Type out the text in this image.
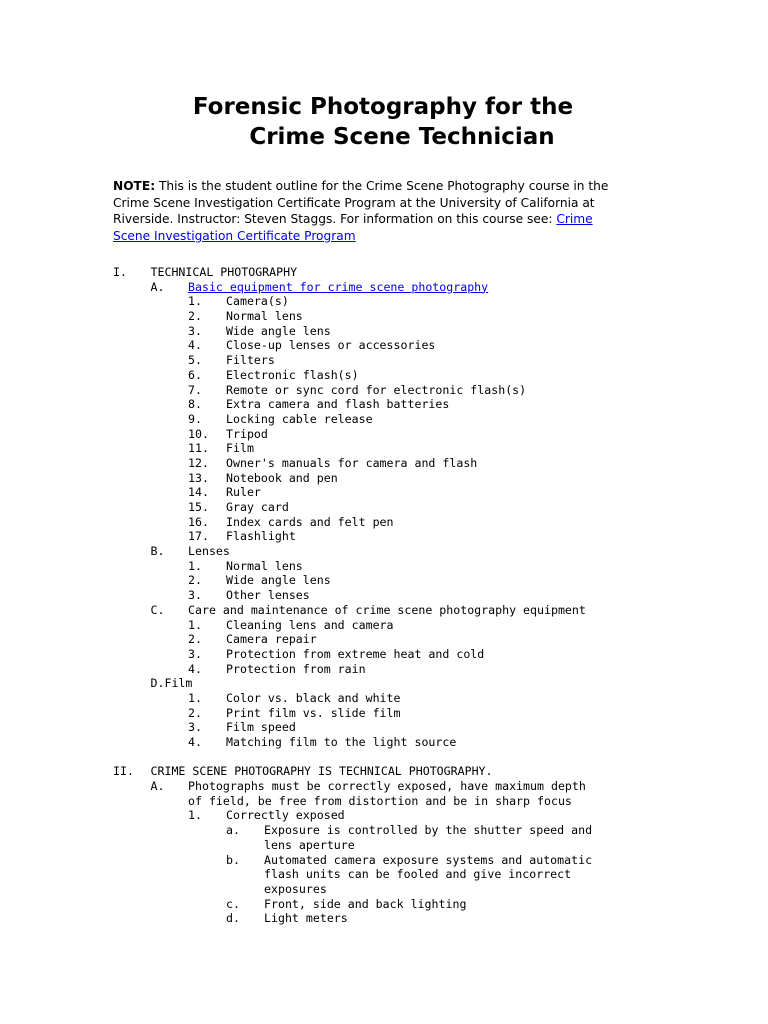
Forensic Photography for the
Crime Scene Technician

NOTE: This is the student outline for the Crime Scene Photography course in the Crime Scene Investigation Certificate Program at the University of California at Riverside. Instructor: Steven Staggs. For information on this course see: Crime Scene Investigation Certificate Program

I. TECHNICAL PHOTOGRAPHY
A. Basic equipment for crime scene photography
1. Camera(s)
2. Normal lens
3. Wide angle lens
4. Close-up lenses or accessories
5. Filters
6. Electronic flash(s)
7. Remote or sync cord for electronic flash(s)
8. Extra camera and flash batteries
9. Locking cable release
10. Tripod
11. Film
12. Owner's manuals for camera and flash
13. Notebook and pen
14. Ruler
15. Gray card
16. Index cards and felt pen
17. Flashlight
B. Lenses
1. Normal lens
2. Wide angle lens
3. Other lenses
C. Care and maintenance of crime scene photography equipment
1. Cleaning lens and camera
2. Camera repair
3. Protection from extreme heat and cold
4. Protection from rain
D.Film
1. Color vs. black and white
2. Print film vs. slide film
3. Film speed
4. Matching film to the light source
II. CRIME SCENE PHOTOGRAPHY IS TECHNICAL PHOTOGRAPHY.
A. Photographs must be correctly exposed, have maximum depth
of field, be free from distortion and be in sharp focus
1. Correctly exposed
a. Exposure is controlled by the shutter speed and
lens aperture
b. Automated camera exposure systems and automatic
flash units can be fooled and give incorrect
exposures
c. Front, side and back lighting
d. Light meters
